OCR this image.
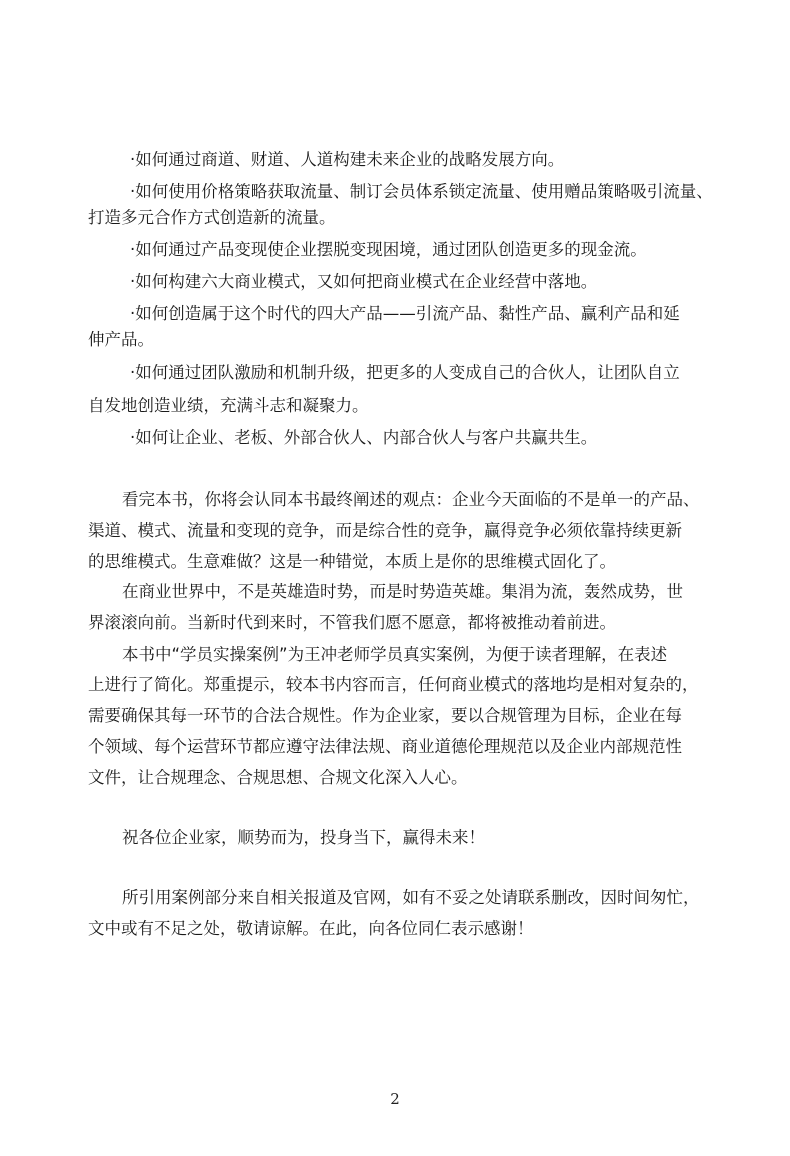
·如何通过商道、财道、人道构建未来企业的战略发展方向。
·如何使用价格策略获取流量、制订会员体系锁定流量、使用赠品策略吸引流量、
打造多元合作方式创造新的流量。
·如何通过产品变现使企业摆脱变现困境，通过团队创造更多的现金流。
·如何构建六大商业模式，又如何把商业模式在企业经营中落地。
·如何创造属于这个时代的四大产品——引流产品、黏性产品、赢利产品和延
伸产品。
·如何通过团队激励和机制升级，把更多的人变成自己的合伙人，让团队自立
自发地创造业绩，充满斗志和凝聚力。
·如何让企业、老板、外部合伙人、内部合伙人与客户共赢共生。
看完本书，你将会认同本书最终阐述的观点：企业今天面临的不是单一的产品、
渠道、模式、流量和变现的竞争，而是综合性的竞争，赢得竞争必须依靠持续更新
的思维模式。生意难做？这是一种错觉，本质上是你的思维模式固化了。
在商业世界中，不是英雄造时势，而是时势造英雄。集涓为流，轰然成势，世
界滚滚向前。当新时代到来时，不管我们愿不愿意，都将被推动着前进。
本书中“学员实操案例”为王冲老师学员真实案例，为便于读者理解，在表述
上进行了简化。郑重提示，较本书内容而言，任何商业模式的落地均是相对复杂的，
需要确保其每一环节的合法合规性。作为企业家，要以合规管理为目标，企业在每
个领域、每个运营环节都应遵守法律法规、商业道德伦理规范以及企业内部规范性
文件，让合规理念、合规思想、合规文化深入人心。
祝各位企业家，顺势而为，投身当下，赢得未来！
所引用案例部分来自相关报道及官网，如有不妥之处请联系删改，因时间匆忙，
文中或有不足之处，敬请谅解。在此，向各位同仁表示感谢！
2
